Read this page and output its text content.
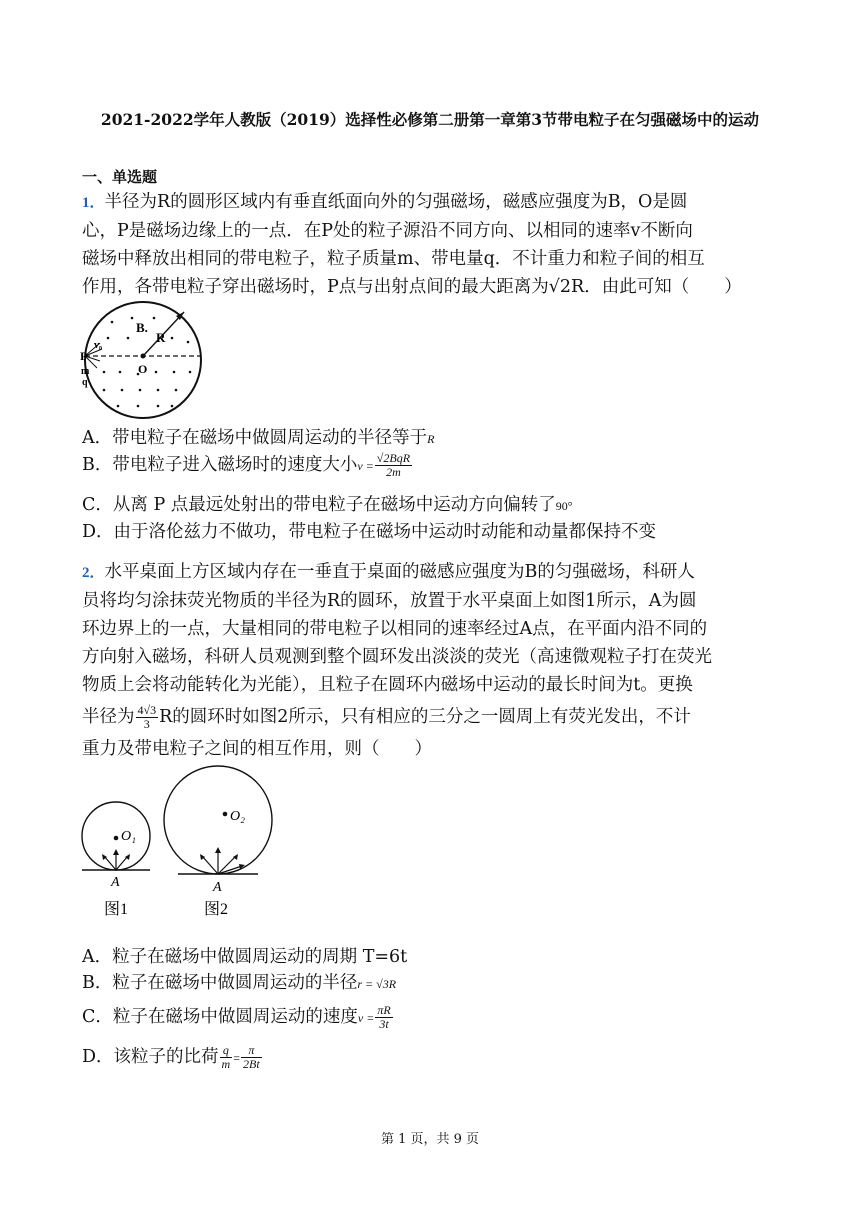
2021-2022学年人教版（2019）选择性必修第二册第一章第3节带电粒子在匀强磁场中的运动
一、单选题
1．半径为R的圆形区域内有垂直纸面向外的匀强磁场，磁感应强度为B，O是圆
心，P是磁场边缘上的一点．在P处的粒子源沿不同方向、以相同的速率v不断向
磁场中释放出相同的带电粒子，粒子质量m、带电量q．不计重力和粒子间的相互
作用，各带电粒子穿出磁场时，P点与出射点间的最大距离为√2R．由此可知（　　）
P
v₀
m
q
O
B.
R
A．带电粒子在磁场中做圆周运动的半径等于R
B．带电粒子进入磁场时的速度大小$v = \frac{\text{√2BqR}}{2m}$
C．从离 P 点最远处射出的带电粒子在磁场中运动方向偏转了90°
D．由于洛伦兹力不做功，带电粒子在磁场中运动时动能和动量都保持不变
2．水平桌面上方区域内存在一垂直于桌面的磁感应强度为B的匀强磁场，科研人
员将均匀涂抹荧光物质的半径为R的圆环，放置于水平桌面上如图1所示，A为圆
环边界上的一点，大量相同的带电粒子以相同的速率经过A点，在平面内沿不同的
方向射入磁场，科研人员观测到整个圆环发出淡淡的荧光（高速微观粒子打在荧光
物质上会将动能转化为光能），且粒子在圆环内磁场中运动的最长时间为t。更换
半径为 $\frac{4√3}{3}$ R的圆环时如图2所示，只有相应的三分之一圆周上有荧光发出，不计
重力及带电粒子之间的相互作用，则（　　）
O₁
A
图1
O₂
A
图2
A．粒子在磁场中做圆周运动的周期 T=6t
B．粒子在磁场中做圆周运动的半径r = √3R
C．粒子在磁场中做圆周运动的速度$v = \frac{\pi R}{3t}$
D．该粒子的比荷 $\frac{q}{m} = \frac{\pi}{2Bt}$
第 1 页，共 9 页
